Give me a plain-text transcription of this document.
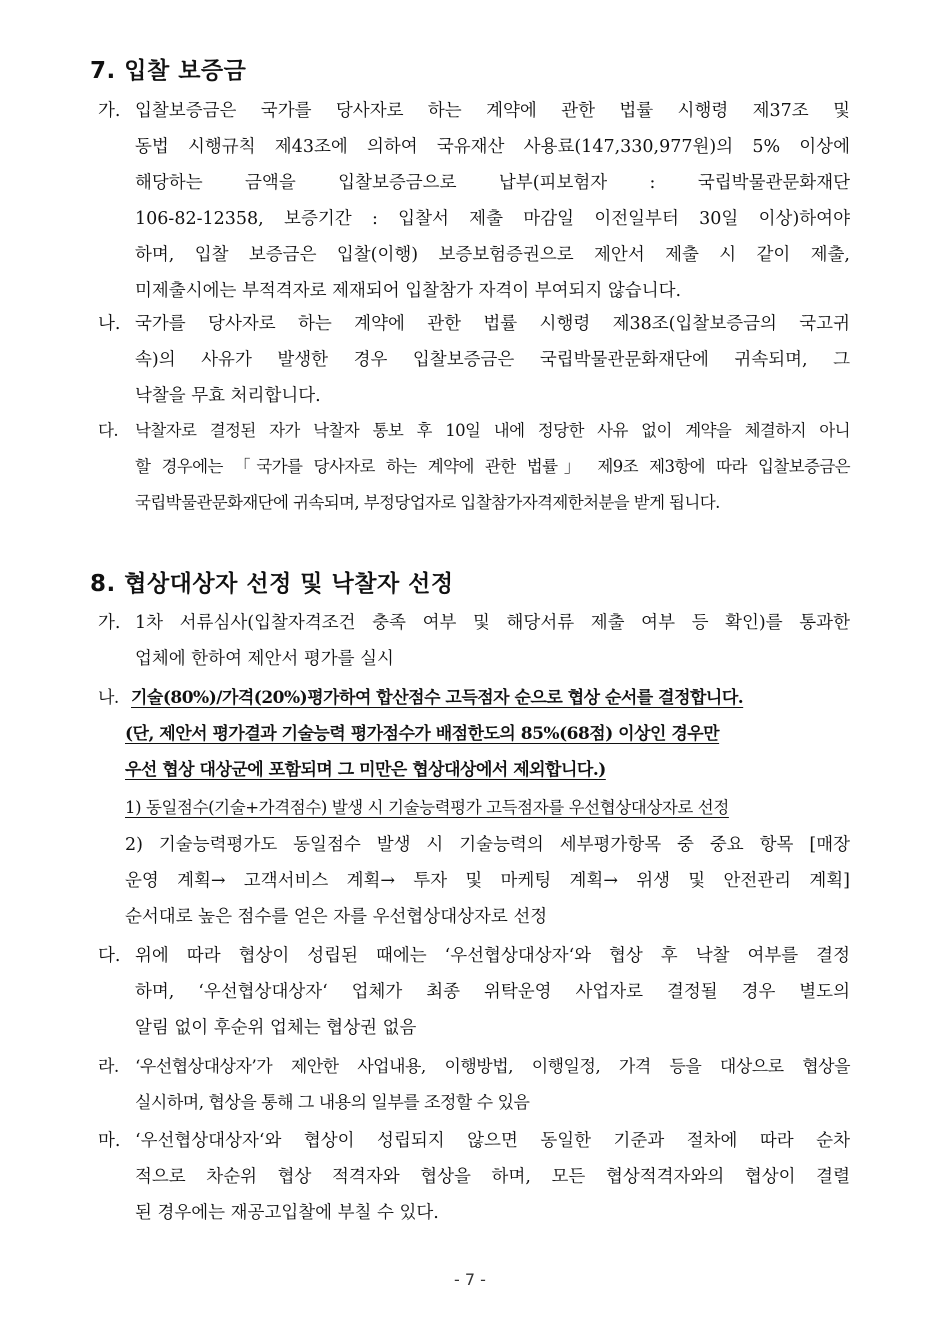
7. 입찰 보증금
가. 입찰보증금은 국가를 당사자로 하는 계약에 관한 법률 시행령 제37조 및
동법 시행규칙 제43조에 의하여 국유재산 사용료(147,330,977원)의 5% 이상에
해당하는 금액을 입찰보증금으로 납부(피보험자 : 국립박물관문화재단
106-82-12358, 보증기간 : 입찰서 제출 마감일 이전일부터 30일 이상)하여야
하며, 입찰 보증금은 입찰(이행) 보증보험증권으로 제안서 제출 시 같이 제출,
미제출시에는 부적격자로 제재되어 입찰참가 자격이 부여되지 않습니다.
나. 국가를 당사자로 하는 계약에 관한 법률 시행령 제38조(입찰보증금의 국고귀
속)의 사유가 발생한 경우 입찰보증금은 국립박물관문화재단에 귀속되며, 그
낙찰을 무효 처리합니다.
다. 낙찰자로 결정된 자가 낙찰자 통보 후 10일 내에 정당한 사유 없이 계약을 체결하지 아니
할 경우에는 「국가를 당사자로 하는 계약에 관한 법률」 제9조 제3항에 따라 입찰보증금은
국립박물관문화재단에 귀속되며, 부정당업자로 입찰참가자격제한처분을 받게 됩니다.
8. 협상대상자 선정 및 낙찰자 선정
가. 1차 서류심사(입찰자격조건 충족 여부 및 해당서류 제출 여부 등 확인)를 통과한
업체에 한하여 제안서 평가를 실시
나. 기술(80%)/가격(20%)평가하여 합산점수 고득점자 순으로 협상 순서를 결정합니다.
(단, 제안서 평가결과 기술능력 평가점수가 배점한도의 85%(68점) 이상인 경우만
우선 협상 대상군에 포함되며 그 미만은 협상대상에서 제외합니다.)
1) 동일점수(기술+가격점수) 발생 시 기술능력평가 고득점자를 우선협상대상자로 선정
2) 기술능력평가도 동일점수 발생 시 기술능력의 세부평가항목 중 중요 항목 [매장
운영 계획→ 고객서비스 계획→ 투자 및 마케팅 계획→ 위생 및 안전관리 계획]
순서대로 높은 점수를 얻은 자를 우선협상대상자로 선정
다. 위에 따라 협상이 성립된 때에는 ‘우선협상대상자‘와 협상 후 낙찰 여부를 결정
하며, ‘우선협상대상자‘ 업체가 최종 위탁운영 사업자로 결정될 경우 별도의
알림 없이 후순위 업체는 협상권 없음
라. ‘우선협상대상자’가 제안한 사업내용, 이행방법, 이행일정, 가격 등을 대상으로 협상을
실시하며, 협상을 통해 그 내용의 일부를 조정할 수 있음
마. ‘우선협상대상자‘와 협상이 성립되지 않으면 동일한 기준과 절차에 따라 순차
적으로 차순위 협상 적격자와 협상을 하며, 모든 협상적격자와의 협상이 결렬
된 경우에는 재공고입찰에 부칠 수 있다.
- 7 -
